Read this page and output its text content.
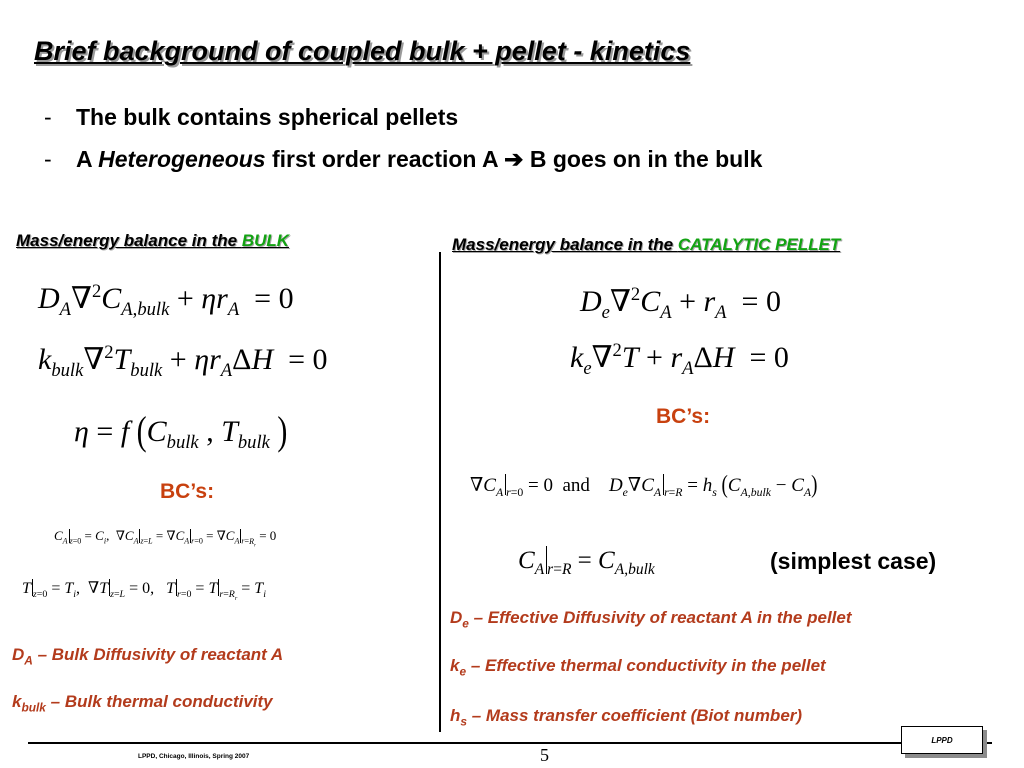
Brief background of coupled bulk + pellet - kinetics
- The bulk contains spherical pellets
- A Heterogeneous first order reaction A ➔ B goes on in the bulk
Mass/energy balance in the BULK	Mass/energy balance in the CATALYTIC PELLET
$D_A\nabla^2C_{A,bulk} + \eta r_A = 0$
$k_{bulk}\nabla^2T_{bulk} + \eta r_A\Delta H = 0$
η = f ($C_{bulk}$ , $T_{bulk}$ )
BC’s:
$C_A$ $_{z=0} = C_i$,  $\nabla C_A$ $_{z=L} = \nabla C_A$ $_{r=0} = \nabla C_A$ $_{r=R_r}$ = 0
T $_{z=0} = T_i$,  ∇T $_{z=L}$ = 0,   T $_{r=0}$ = T $_{r=R_r} = T_i$
$D_A$ – Bulk Diffusivity of reactant A
$k_{bulk}$ – Bulk thermal conductivity
$D_e\nabla^2C_A + r_A = 0$
$k_e\nabla^2T + r_A\Delta H = 0$
BC’s:
$\nabla C_A$ $_{r=0}$ = 0  and $D_e\nabla C_A$ $_{r=R} = h_s$ $(C_{A,bulk} - C_A)$
$C_A$ $_{r=R} = C_{A,bulk}$	(simplest case)
$D_e$ – Effective Diffusivity of reactant A in the pellet
$k_e$ – Effective thermal conductivity in the pellet
$h_s$ – Mass transfer coefficient (Biot number)
LPPD, Chicago, Illinois, Spring 2007	5
LPPD
